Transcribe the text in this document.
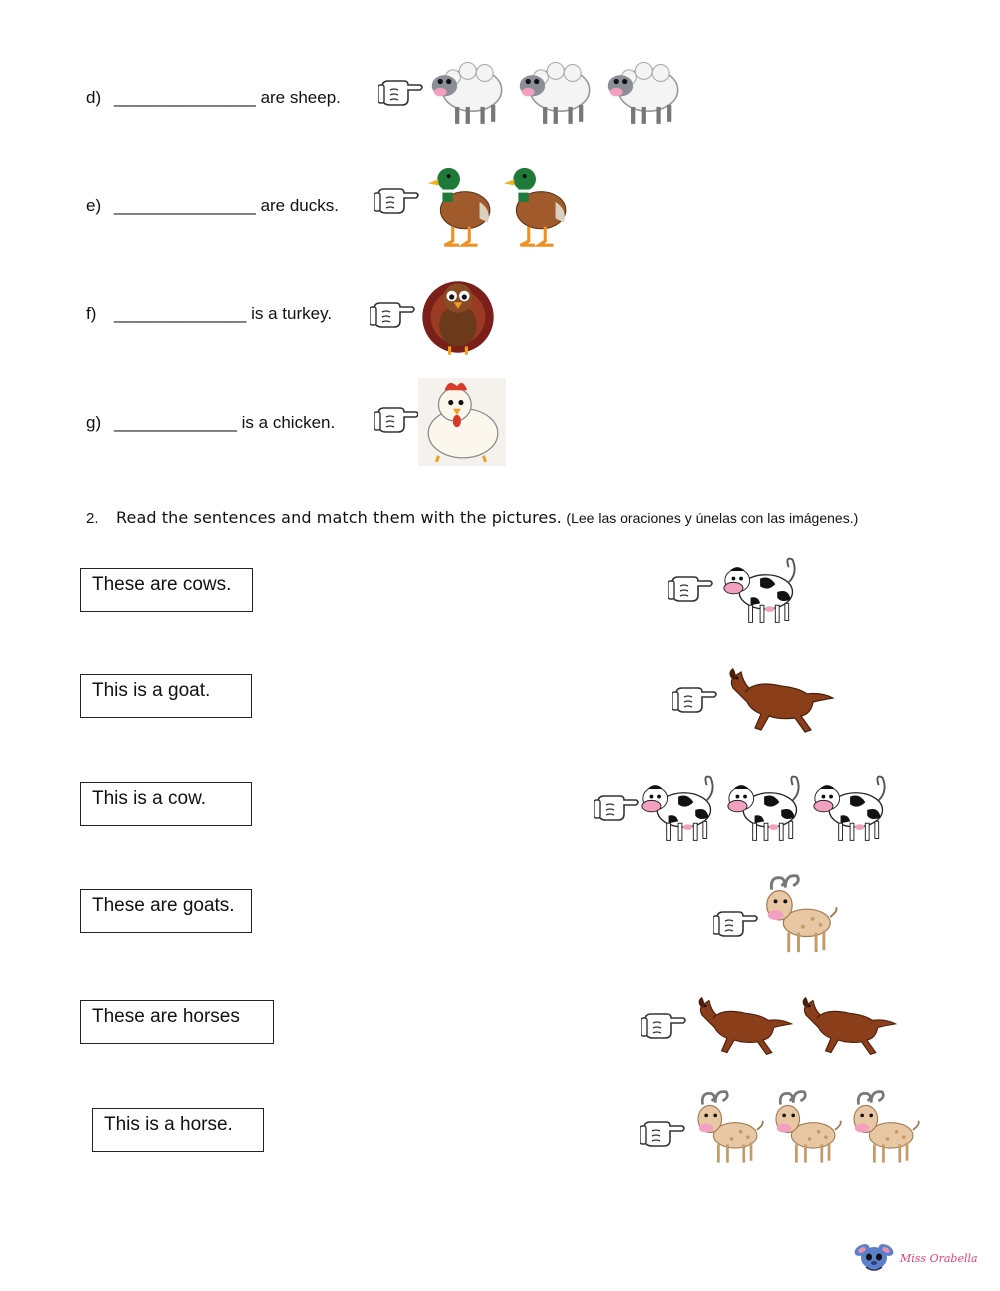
d) _______________ are sheep.
e) _______________ are ducks.
f) ______________ is a turkey.
g) _____________ is a chicken.
2. Read the sentences and match them with the pictures. (Lee las oraciones y únelas con las imágenes.)
These are cows.
This is a goat.
This is a cow.
These are goats.
These are horses
This is a horse.
Miss Orabella
